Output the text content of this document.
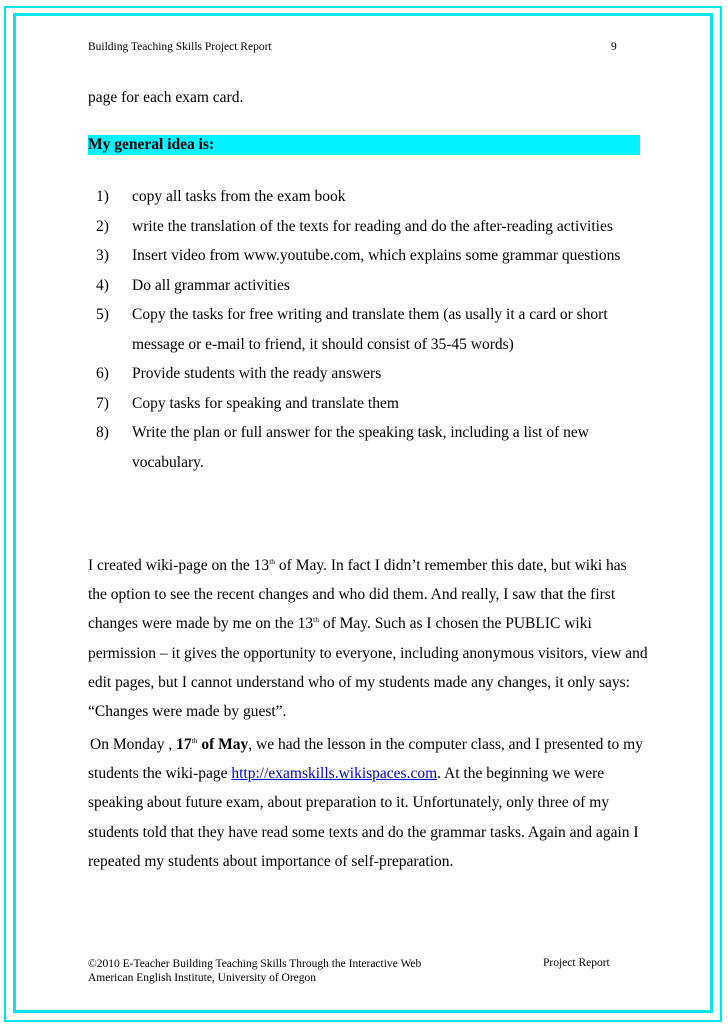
Building Teaching Skills Project Report	9
page for each exam card.
My general idea is:
1) copy all tasks from the exam book
2) write the translation of the texts for reading and do the after-reading activities
3) Insert video from www.youtube.com, which explains some grammar questions
4) Do all grammar activities
5) Copy the tasks for free writing and translate them (as usally it a card or short message or e-mail to friend, it should consist of 35-45 words)
6) Provide students with the ready answers
7) Copy tasks for speaking and translate them
8) Write the plan or full answer for the speaking task, including a list of new vocabulary.

I created wiki-page on the 13th of May. In fact I didn’t remember this date, but wiki has the option to see the recent changes and who did them. And really, I saw that the first changes were made by me on the 13th of May. Such as I chosen the PUBLIC wiki permission – it gives the opportunity to everyone, including anonymous visitors, view and edit pages, but I cannot understand who of my students made any changes, it only says: “Changes were made by guest”.

On Monday , 17th of May, we had the lesson in the computer class, and I presented to my students the wiki-page http://examskills.wikispaces.com. At the beginning we were speaking about future exam, about preparation to it. Unfortunately, only three of my students told that they have read some texts and do the grammar tasks. Again and again I repeated my students about importance of self-preparation.

©2010 E-Teacher Building Teaching Skills Through the Interactive Web
American English Institute, University of Oregon
Project Report
